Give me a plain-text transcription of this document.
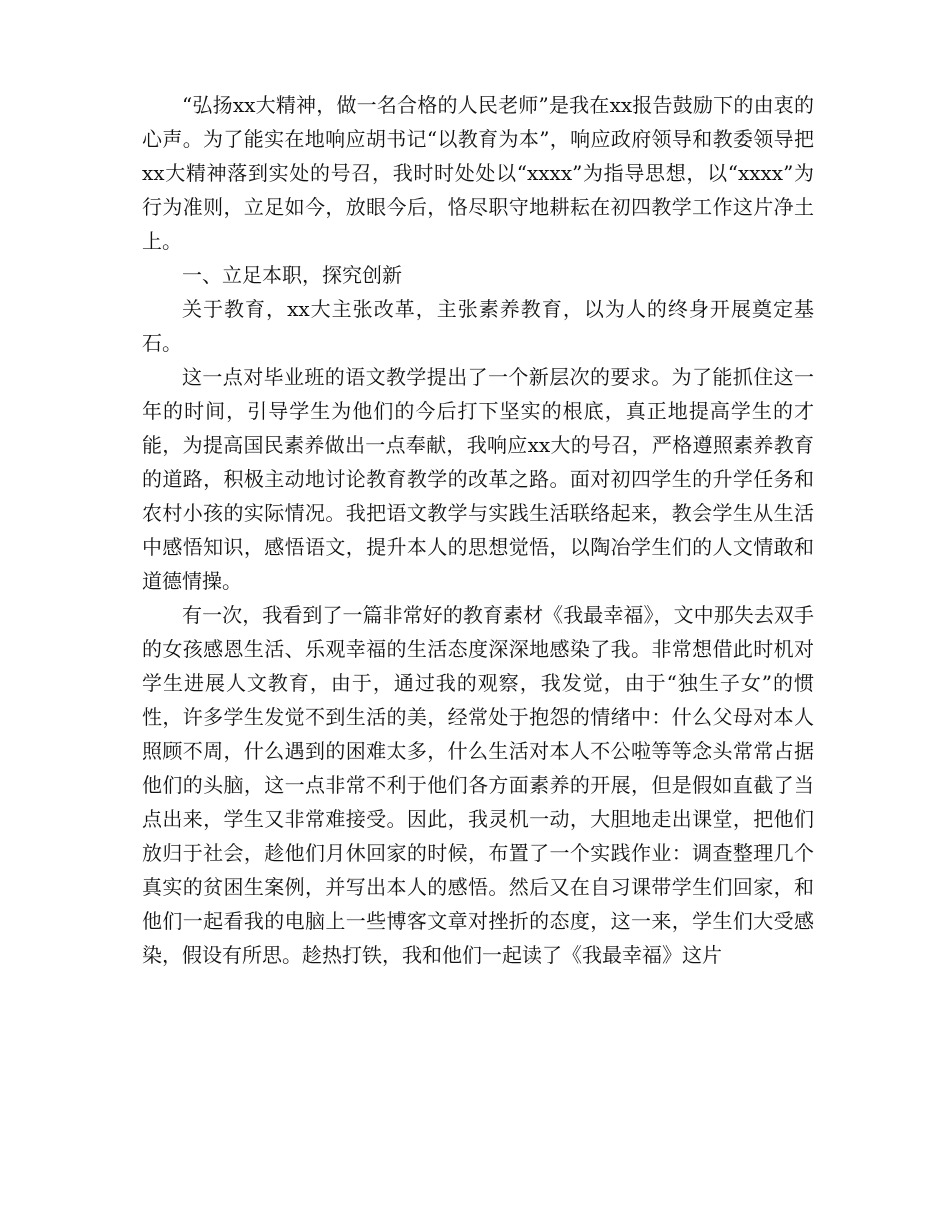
“弘扬xx大精神，做一名合格的人民老师”是我在xx报告鼓励下的由衷的心声。为了能实在地响应胡书记“以教育为本”，响应政府领导和教委领导把xx大精神落到实处的号召，我时时处处以“xxxx”为指导思想，以“xxxx”为行为准则，立足如今，放眼今后，恪尽职守地耕耘在初四教学工作这片净土上。

一、立足本职，探究创新

关于教育，xx大主张改革，主张素养教育，以为人的终身开展奠定基石。

这一点对毕业班的语文教学提出了一个新层次的要求。为了能抓住这一年的时间，引导学生为他们的今后打下坚实的根底，真正地提高学生的才能，为提高国民素养做出一点奉献，我响应xx大的号召，严格遵照素养教育的道路，积极主动地讨论教育教学的改革之路。面对初四学生的升学任务和农村小孩的实际情况。我把语文教学与实践生活联络起来，教会学生从生活中感悟知识，感悟语文，提升本人的思想觉悟，以陶冶学生们的人文情敢和道德情操。

有一次，我看到了一篇非常好的教育素材《我最幸福》，文中那失去双手的女孩感恩生活、乐观幸福的生活态度深深地感染了我。非常想借此时机对学生进展人文教育，由于，通过我的观察，我发觉，由于“独生子女”的惯性，许多学生发觉不到生活的美，经常处于抱怨的情绪中：什么父母对本人照顾不周，什么遇到的困难太多，什么生活对本人不公啦等等念头常常占据他们的头脑，这一点非常不利于他们各方面素养的开展，但是假如直截了当点出来，学生又非常难接受。因此，我灵机一动，大胆地走出课堂，把他们放归于社会，趁他们月休回家的时候，布置了一个实践作业：调查整理几个真实的贫困生案例，并写出本人的感悟。然后又在自习课带学生们回家，和他们一起看我的电脑上一些博客文章对挫折的态度，这一来，学生们大受感染，假设有所思。趁热打铁，我和他们一起读了《我最幸福》这片
